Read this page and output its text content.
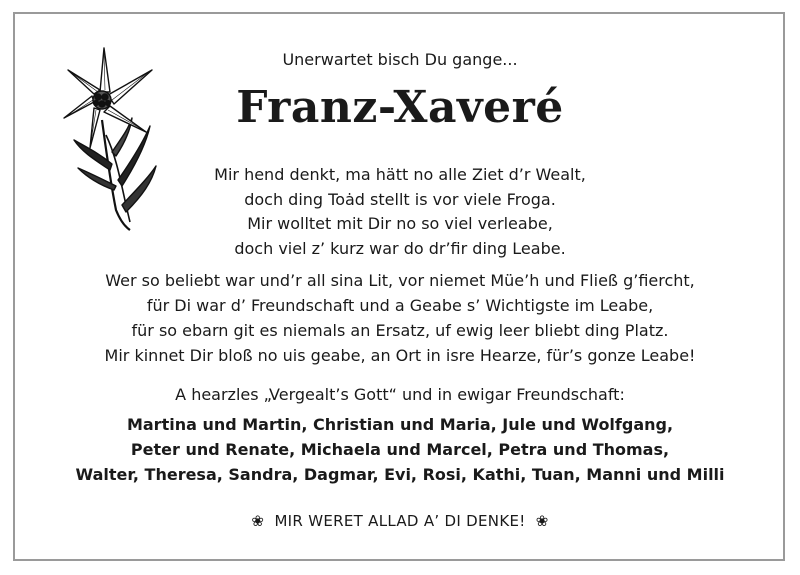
Unerwartet bisch Du gange...
Franz-Xaveré
Mir hend denkt, ma hätt no alle Ziet d’r Wealt,
doch ding Toȧd stellt is vor viele Froga.
Mir wolltet mit Dir no so viel verleabe,
doch viel z’ kurz war do dr’fir ding Leabe.
Wer so beliebt war und’r all sina Lit, vor niemet Müe’h und Fließ g’fiercht,
für Di war d’ Freundschaft und a Geabe s’ Wichtigste im Leabe,
für so ebarn git es niemals an Ersatz, uf ewig leer bliebt ding Platz.
Mir kinnet Dir bloß no uis geabe, an Ort in isre Hearze, für’s gonze Leabe!
A hearzles „Vergealt’s Gott“ und in ewigar Freundschaft:
Martina und Martin, Christian und Maria, Jule und Wolfgang,
Peter und Renate, Michaela und Marcel, Petra und Thomas,
Walter, Theresa, Sandra, Dagmar, Evi, Rosi, Kathi, Tuan, Manni und Milli
❀ MIR WERET ALLAD A’ DI DENKE! ❀
